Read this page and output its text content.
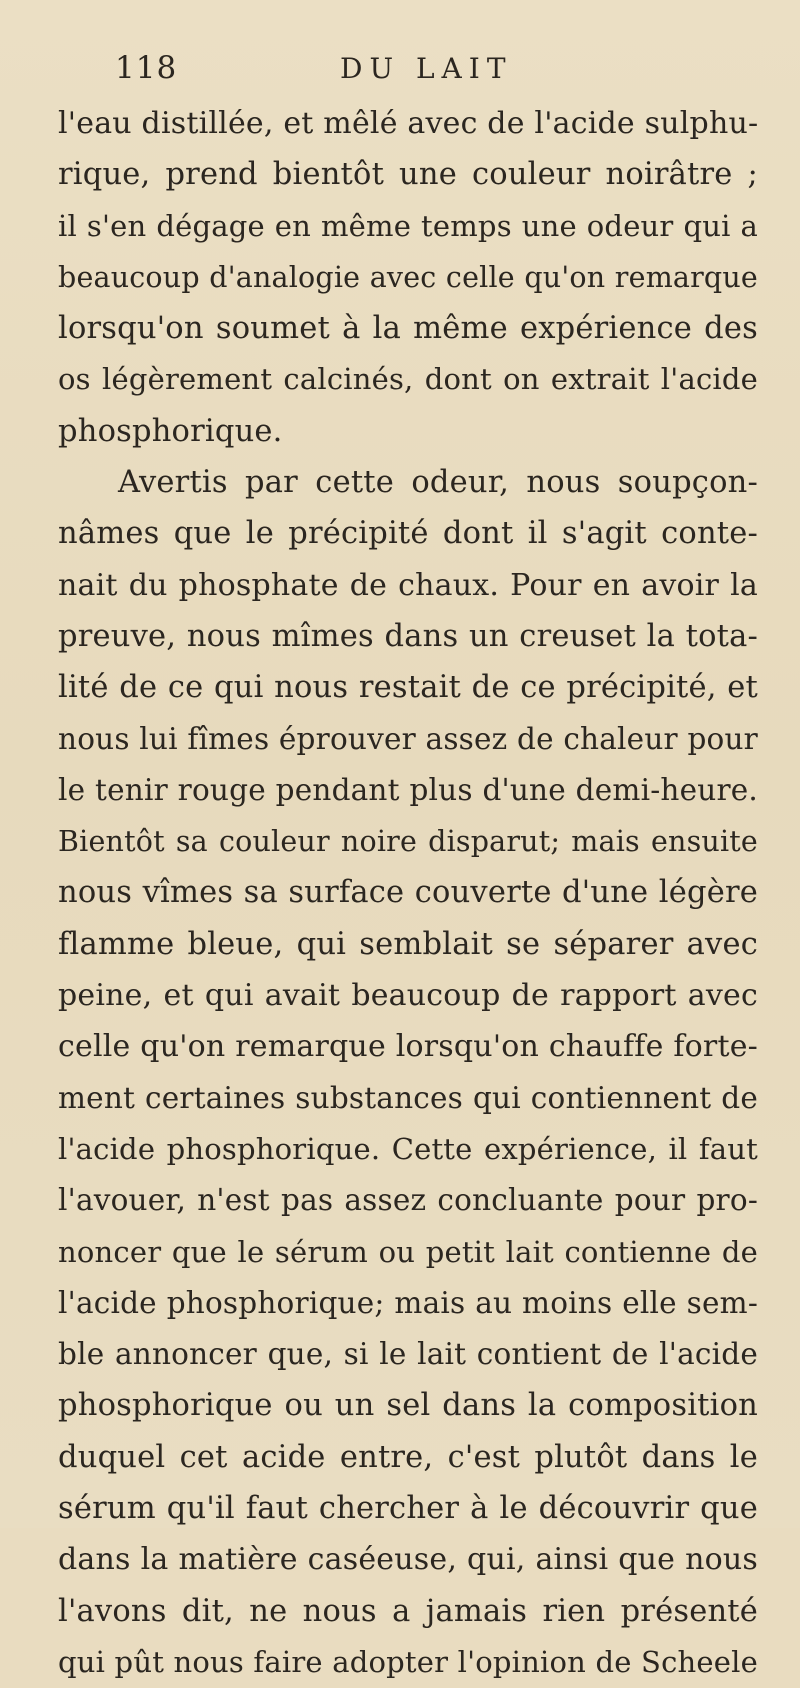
118	DU LAIT
l'eau distillée, et mêlé avec de l'acide sulphu-
rique, prend bientôt une couleur noirâtre ;
il s'en dégage en même temps une odeur qui a
beaucoup d'analogie avec celle qu'on remarque
lorsqu'on soumet à la même expérience des
os légèrement calcinés, dont on extrait l'acide
phosphorique.
Avertis par cette odeur, nous soupçon-
nâmes que le précipité dont il s'agit conte-
nait du phosphate de chaux. Pour en avoir la
preuve, nous mîmes dans un creuset la tota-
lité de ce qui nous restait de ce précipité, et
nous lui fîmes éprouver assez de chaleur pour
le tenir rouge pendant plus d'une demi-heure.
Bientôt sa couleur noire disparut; mais ensuite
nous vîmes sa surface couverte d'une légère
flamme bleue, qui semblait se séparer avec
peine, et qui avait beaucoup de rapport avec
celle qu'on remarque lorsqu'on chauffe forte-
ment certaines substances qui contiennent de
l'acide phosphorique. Cette expérience, il faut
l'avouer, n'est pas assez concluante pour pro-
noncer que le sérum ou petit lait contienne de
l'acide phosphorique; mais au moins elle sem-
ble annoncer que, si le lait contient de l'acide
phosphorique ou un sel dans la composition
duquel cet acide entre, c'est plutôt dans le
sérum qu'il faut chercher à le découvrir que
dans la matière caséeuse, qui, ainsi que nous
l'avons dit, ne nous a jamais rien présenté
qui pût nous faire adopter l'opinion de Scheele
